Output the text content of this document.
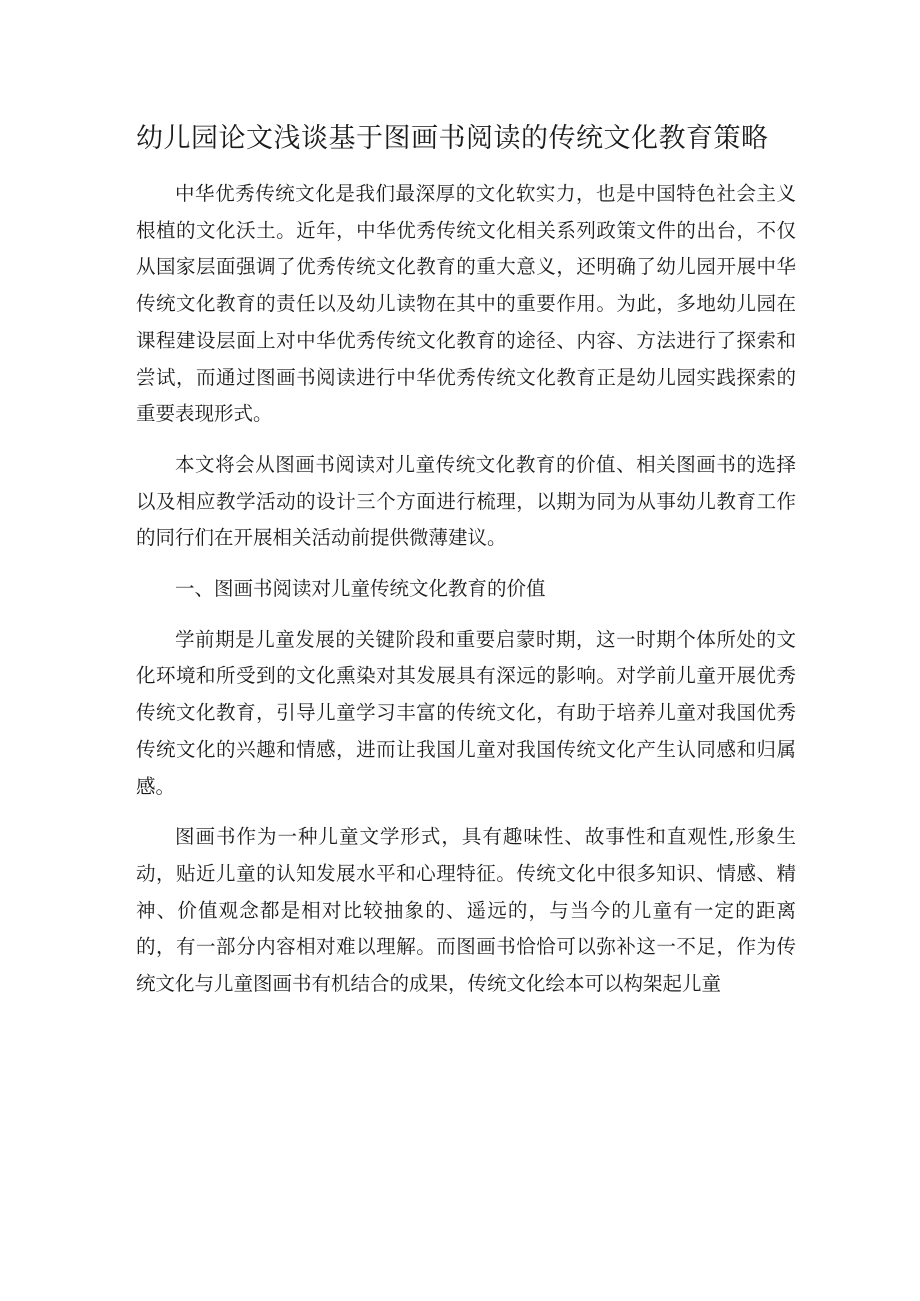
幼儿园论文浅谈基于图画书阅读的传统文化教育策略

中华优秀传统文化是我们最深厚的文化软实力，也是中国特色社会主义根植的文化沃土。近年，中华优秀传统文化相关系列政策文件的出台，不仅从国家层面强调了优秀传统文化教育的重大意义，还明确了幼儿园开展中华传统文化教育的责任以及幼儿读物在其中的重要作用。为此，多地幼儿园在课程建设层面上对中华优秀传统文化教育的途径、内容、方法进行了探索和尝试，而通过图画书阅读进行中华优秀传统文化教育正是幼儿园实践探索的重要表现形式。

本文将会从图画书阅读对儿童传统文化教育的价值、相关图画书的选择以及相应教学活动的设计三个方面进行梳理，以期为同为从事幼儿教育工作的同行们在开展相关活动前提供微薄建议。

一、图画书阅读对儿童传统文化教育的价值

学前期是儿童发展的关键阶段和重要启蒙时期，这一时期个体所处的文化环境和所受到的文化熏染对其发展具有深远的影响。对学前儿童开展优秀传统文化教育，引导儿童学习丰富的传统文化，有助于培养儿童对我国优秀传统文化的兴趣和情感，进而让我国儿童对我国传统文化产生认同感和归属感。

图画书作为一种儿童文学形式，具有趣味性、故事性和直观性,形象生动，贴近儿童的认知发展水平和心理特征。传统文化中很多知识、情感、精神、价值观念都是相对比较抽象的、遥远的，与当今的儿童有一定的距离的，有一部分内容相对难以理解。而图画书恰恰可以弥补这一不足，作为传统文化与儿童图画书有机结合的成果，传统文化绘本可以构架起儿童
